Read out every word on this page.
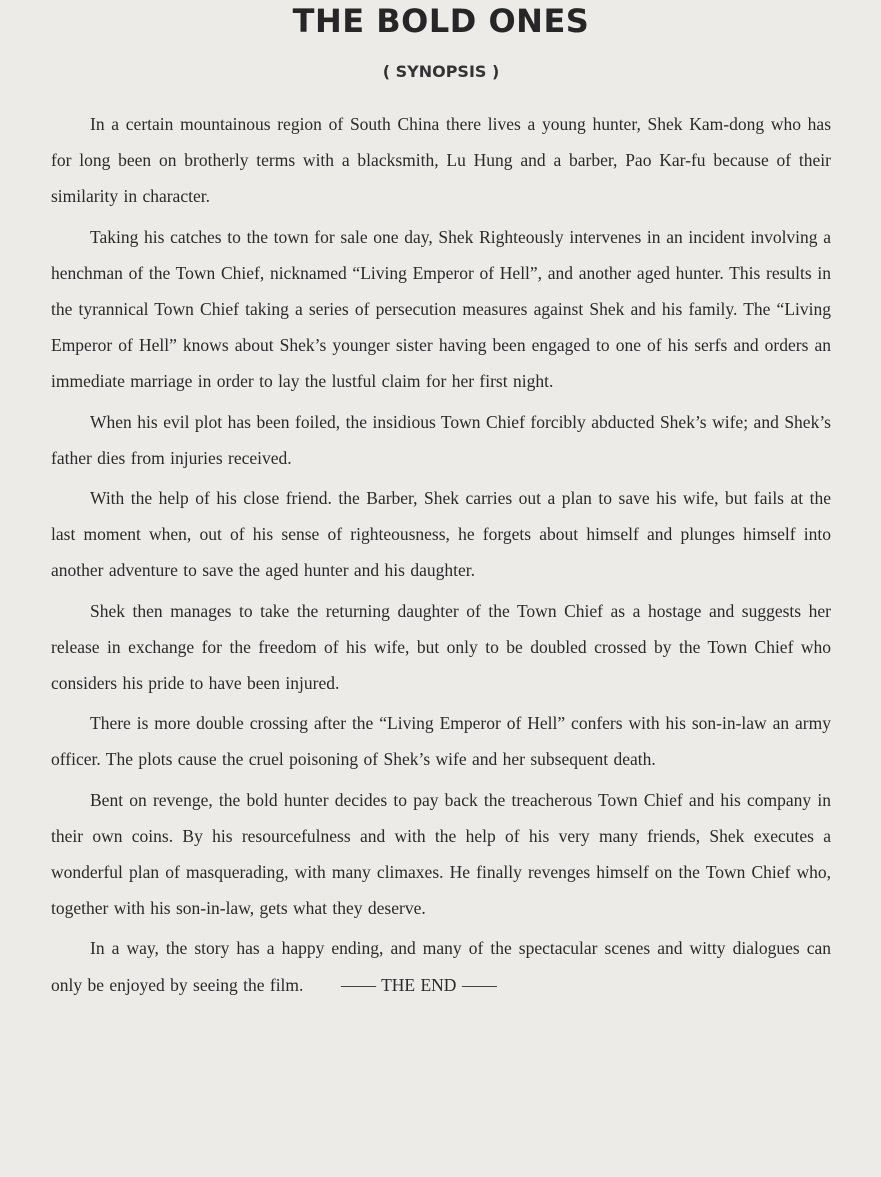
THE BOLD ONES
( SYNOPSIS )

In a certain mountainous region of South China there lives a young hunter, Shek Kam-dong who has for long been on brotherly terms with a blacksmith, Lu Hung and a barber, Pao Kar-fu because of their similarity in character.

Taking his catches to the town for sale one day, Shek Righteously intervenes in an incident involving a henchman of the Town Chief, nicknamed “Living Emperor of Hell”, and another aged hunter. This results in the tyrannical Town Chief taking a series of persecution measures against Shek and his family. The “Living Emperor of Hell” knows about Shek’s younger sister having been engaged to one of his serfs and orders an immediate marriage in order to lay the lustful claim for her first night.

When his evil plot has been foiled, the insidious Town Chief forcibly abducted Shek’s wife; and Shek’s father dies from injuries received.

With the help of his close friend. the Barber, Shek carries out a plan to save his wife, but fails at the last moment when, out of his sense of righteousness, he forgets about himself and plunges himself into another adventure to save the aged hunter and his daughter.

Shek then manages to take the returning daughter of the Town Chief as a hostage and suggests her release in exchange for the freedom of his wife, but only to be doubled crossed by the Town Chief who considers his pride to have been injured.

There is more double crossing after the “Living Emperor of Hell” confers with his son-in-law an army officer. The plots cause the cruel poisoning of Shek’s wife and her subsequent death.

Bent on revenge, the bold hunter decides to pay back the treacherous Town Chief and his company in their own coins. By his resourcefulness and with the help of his very many friends, Shek executes a wonderful plan of masquerading, with many climaxes. He finally revenges himself on the Town Chief who, together with his son-in-law, gets what they deserve.

In a way, the story has a happy ending, and many of the spectacular scenes and witty dialogues can only be enjoyed by seeing the film. —— THE END ——
